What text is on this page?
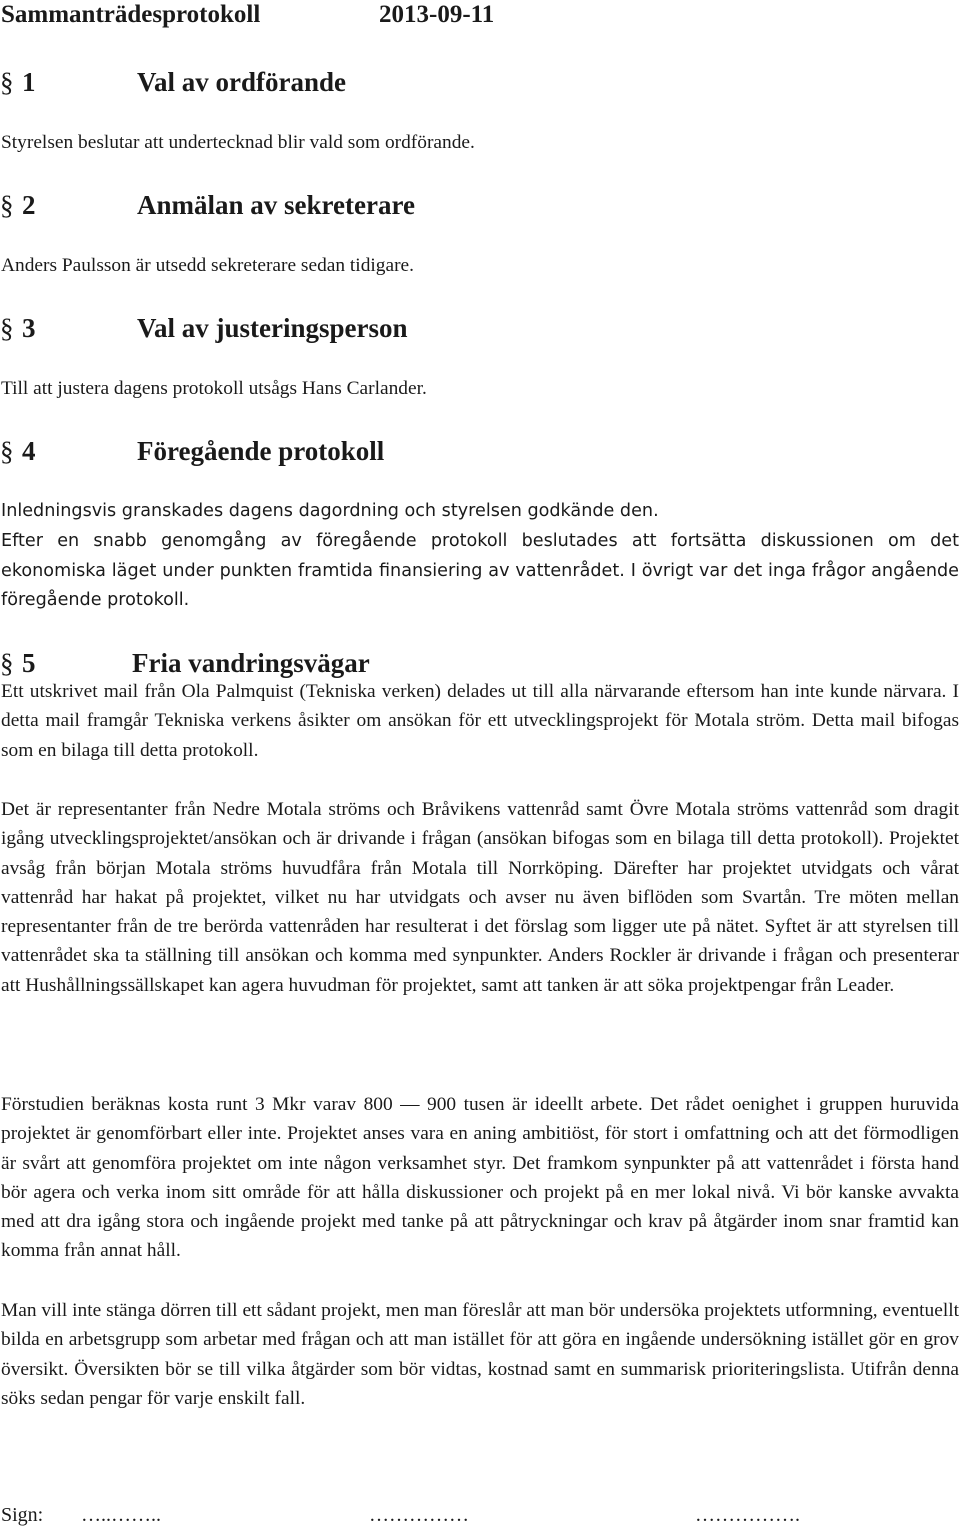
Sammanträdesprotokoll	2013-09-11
§ 1	Val av ordförande

Styrelsen beslutar att undertecknad blir vald som ordförande.

§ 2	Anmälan av sekreterare

Anders Paulsson är utsedd sekreterare sedan tidigare.

§ 3	Val av justeringsperson

Till att justera dagens protokoll utsågs Hans Carlander.

§ 4	Föregående protokoll

Inledningsvis granskades dagens dagordning och styrelsen godkände den.

Efter en snabb genomgång av föregående protokoll beslutades att fortsätta diskussionen om det ekonomiska läget under punkten framtida finansiering av vattenrådet. I övrigt var det inga frågor angående föregående protokoll.

§ 5	Fria vandringsvägar

Ett utskrivet mail från Ola Palmquist (Tekniska verken) delades ut till alla närvarande eftersom han inte kunde närvara. I detta mail framgår Tekniska verkens åsikter om ansökan för ett utvecklingsprojekt för Motala ström. Detta mail bifogas som en bilaga till detta protokoll.

Det är representanter från Nedre Motala ströms och Bråvikens vattenråd samt Övre Motala ströms vattenråd som dragit igång utvecklingsprojektet/ansökan och är drivande i frågan (ansökan bifogas som en bilaga till detta protokoll). Projektet avsåg från början Motala ströms huvudfåra från Motala till Norrköping. Därefter har projektet utvidgats och vårat vattenråd har hakat på projektet, vilket nu har utvidgats och avser nu även biflöden som Svartån. Tre möten mellan representanter från de tre berörda vattenråden har resulterat i det förslag som ligger ute på nätet. Syftet är att styrelsen till vattenrådet ska ta ställning till ansökan och komma med synpunkter. Anders Rockler är drivande i frågan och presenterar att Hushållningssällskapet kan agera huvudman för projektet, samt att tanken är att söka projektpengar från Leader.

Förstudien beräknas kosta runt 3 Mkr varav 800 — 900 tusen är ideellt arbete. Det rådet oenighet i gruppen huruvida projektet är genomförbart eller inte. Projektet anses vara en aning ambitiöst, för stort i omfattning och att det förmodligen är svårt att genomföra projektet om inte någon verksamhet styr. Det framkom synpunkter på att vattenrådet i första hand bör agera och verka inom sitt område för att hålla diskussioner och projekt på en mer lokal nivå. Vi bör kanske avvakta med att dra igång stora och ingående projekt med tanke på att påtryckningar och krav på åtgärder inom snar framtid kan komma från annat håll.

Man vill inte stänga dörren till ett sådant projekt, men man föreslår att man bör undersöka projektets utformning, eventuellt bilda en arbetsgrupp som arbetar med frågan och att man istället för att göra en ingående undersökning istället gör en grov översikt. Översikten bör se till vilka åtgärder som bör vidtas, kostnad samt en summarisk prioriteringslista. Utifrån denna söks sedan pengar för varje enskilt fall.

Sign: …..……..	……………	…………….
